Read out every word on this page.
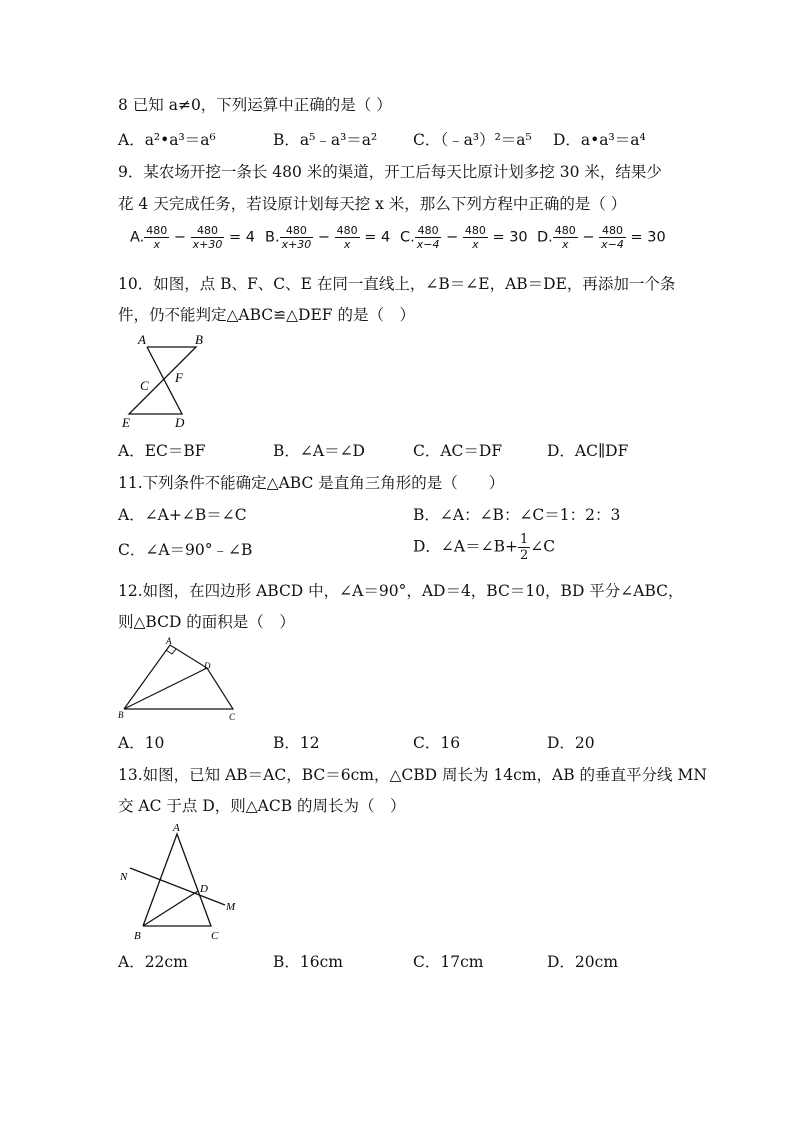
8 已知 a≠0，下列运算中正确的是（ ）
A．a²•a³＝a⁶	B．a⁵﹣a³＝a² C．（﹣a³）²＝a⁵ D．a•a³＝a⁴
9．某农场开挖一条长 480 米的渠道，开工后每天比原计划多挖 30 米，结果少
花 4 天完成任务，若设原计划每天挖 x 米，那么下列方程中正确的是（ ）
A. $\frac{480}{x} - \frac{480}{x+30} = 4$ B. $\frac{480}{x+30} - \frac{480}{x} = 4$ C. $\frac{480}{x-4} - \frac{480}{x} = 30$ D. $\frac{480}{x} - \frac{480}{x-4} = 30$
10．如图，点 B、F、C、E 在同一直线上，∠B＝∠E，AB＝DE，再添加一个条
件，仍不能判定△ABC≌△DEF 的是（　）
A	B
C
F
E	D
A．EC＝BF	B．∠A＝∠D	C．AC＝DF	D．AC∥DF
11.下列条件不能确定△ABC 是直角三角形的是（　　）
A．∠A+∠B＝∠C	B．∠A：∠B：∠C＝1：2：3
C．∠A＝90°﹣∠B	D．∠A＝∠B+ $\frac{1}{2}$ ∠C
12.如图，在四边形 ABCD 中，∠A＝90°，AD＝4，BC＝10，BD 平分∠ABC，
则△BCD 的面积是（　）
A
D
B	C
A．10	B．12	C．16	D．20
13.如图，已知 AB＝AC，BC＝6cm，△CBD 周长为 14cm，AB 的垂直平分线 MN
交 AC 于点 D，则△ACB 的周长为（　）
A
N
D
M
B	C
A．22cm	B．16cm	C．17cm	D．20cm
